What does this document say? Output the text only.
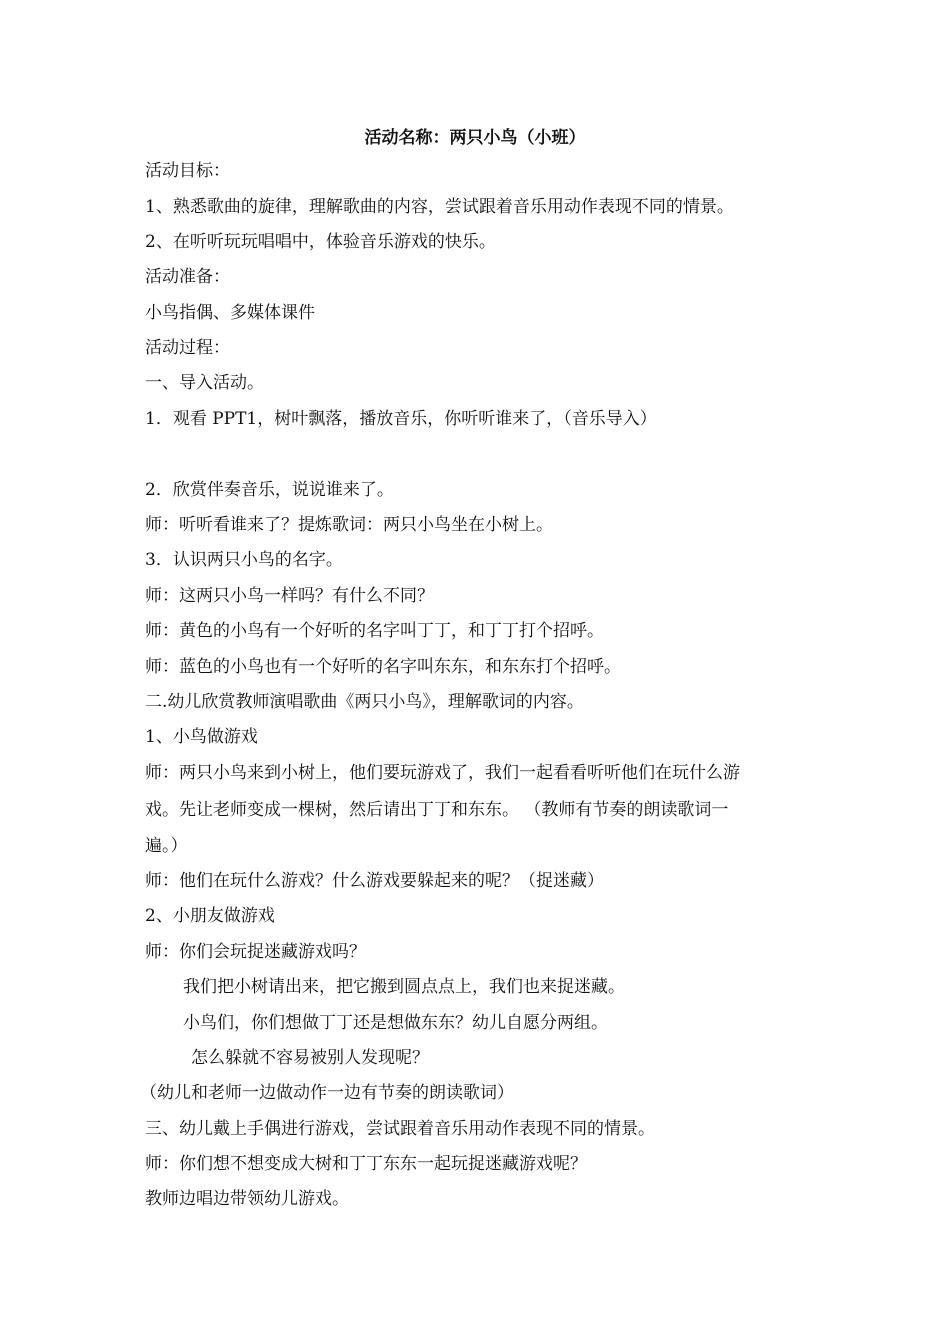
活动名称：两只小鸟（小班）
活动目标：
1、熟悉歌曲的旋律，理解歌曲的内容，尝试跟着音乐用动作表现不同的情景。
2、在听听玩玩唱唱中，体验音乐游戏的快乐。
活动准备：
小鸟指偶、多媒体课件
活动过程：
一、导入活动。
1．观看 PPT1，树叶飘落，播放音乐，你听听谁来了，（音乐导入）
2．欣赏伴奏音乐，说说谁来了。
师：听听看谁来了？提炼歌词：两只小鸟坐在小树上。
3．认识两只小鸟的名字。
师：这两只小鸟一样吗？有什么不同？
师：黄色的小鸟有一个好听的名字叫丁丁，和丁丁打个招呼。
师：蓝色的小鸟也有一个好听的名字叫东东，和东东打个招呼。
二.幼儿欣赏教师演唱歌曲《两只小鸟》，理解歌词的内容。
1、小鸟做游戏
师：两只小鸟来到小树上，他们要玩游戏了，我们一起看看听听他们在玩什么游
戏。先让老师变成一棵树，然后请出丁丁和东东。 （教师有节奏的朗读歌词一
遍。）
师：他们在玩什么游戏？什么游戏要躲起来的呢？（捉迷藏）
2、小朋友做游戏
师：你们会玩捉迷藏游戏吗？
我们把小树请出来，把它搬到圆点点上，我们也来捉迷藏。
小鸟们，你们想做丁丁还是想做东东？幼儿自愿分两组。
怎么躲就不容易被别人发现呢？
（幼儿和老师一边做动作一边有节奏的朗读歌词）
三、幼儿戴上手偶进行游戏，尝试跟着音乐用动作表现不同的情景。
师：你们想不想变成大树和丁丁东东一起玩捉迷藏游戏呢？
教师边唱边带领幼儿游戏。
